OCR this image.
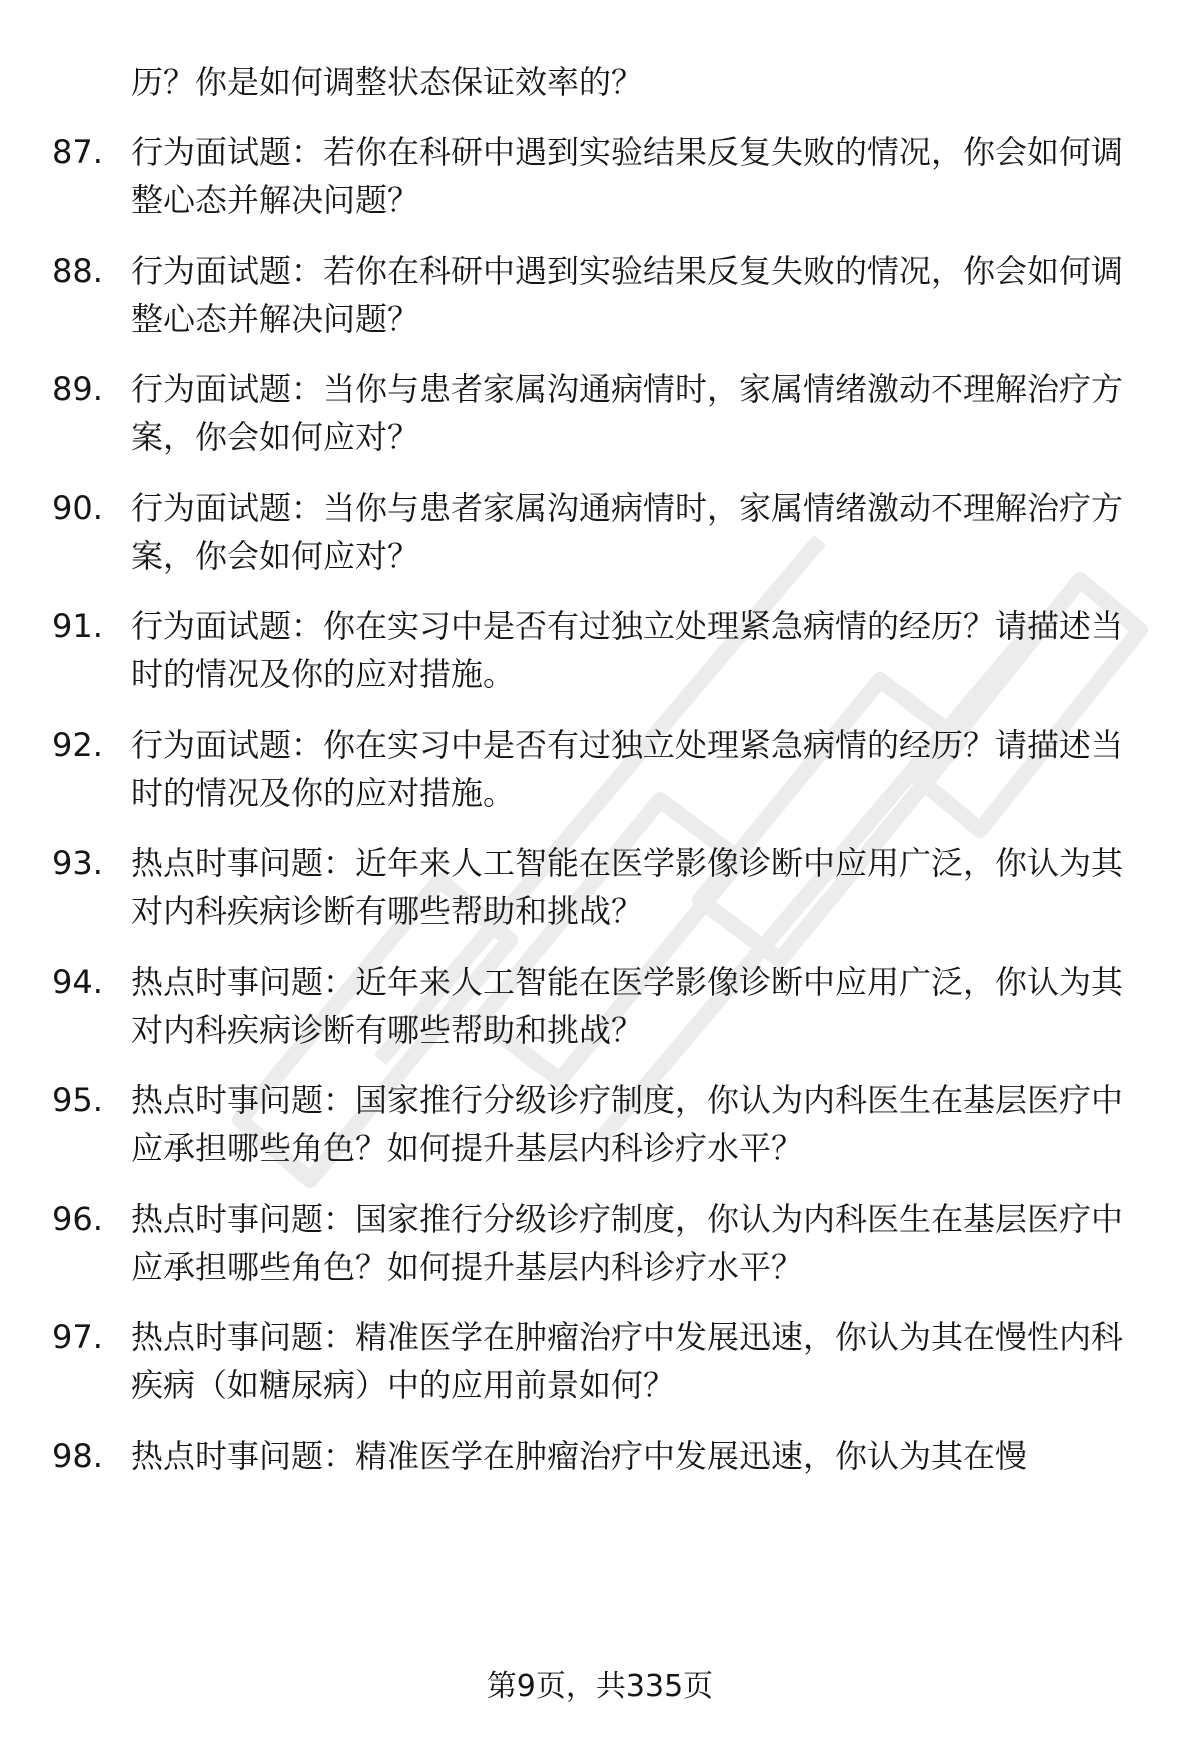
历？你是如何调整状态保证效率的？
87. 行为面试题：若你在科研中遇到实验结果反复失败的情况，你会如何调整心态并解决问题？
88. 行为面试题：若你在科研中遇到实验结果反复失败的情况，你会如何调整心态并解决问题？
89. 行为面试题：当你与患者家属沟通病情时，家属情绪激动不理解治疗方案，你会如何应对？
90. 行为面试题：当你与患者家属沟通病情时，家属情绪激动不理解治疗方案，你会如何应对？
91. 行为面试题：你在实习中是否有过独立处理紧急病情的经历？请描述当时的情况及你的应对措施。
92. 行为面试题：你在实习中是否有过独立处理紧急病情的经历？请描述当时的情况及你的应对措施。
93. 热点时事问题：近年来人工智能在医学影像诊断中应用广泛，你认为其对内科疾病诊断有哪些帮助和挑战？
94. 热点时事问题：近年来人工智能在医学影像诊断中应用广泛，你认为其对内科疾病诊断有哪些帮助和挑战？
95. 热点时事问题：国家推行分级诊疗制度，你认为内科医生在基层医疗中应承担哪些角色？如何提升基层内科诊疗水平？
96. 热点时事问题：国家推行分级诊疗制度，你认为内科医生在基层医疗中应承担哪些角色？如何提升基层内科诊疗水平？
97. 热点时事问题：精准医学在肿瘤治疗中发展迅速，你认为其在慢性内科疾病（如糖尿病）中的应用前景如何？
98. 热点时事问题：精准医学在肿瘤治疗中发展迅速，你认为其在慢
第9页，共335页
